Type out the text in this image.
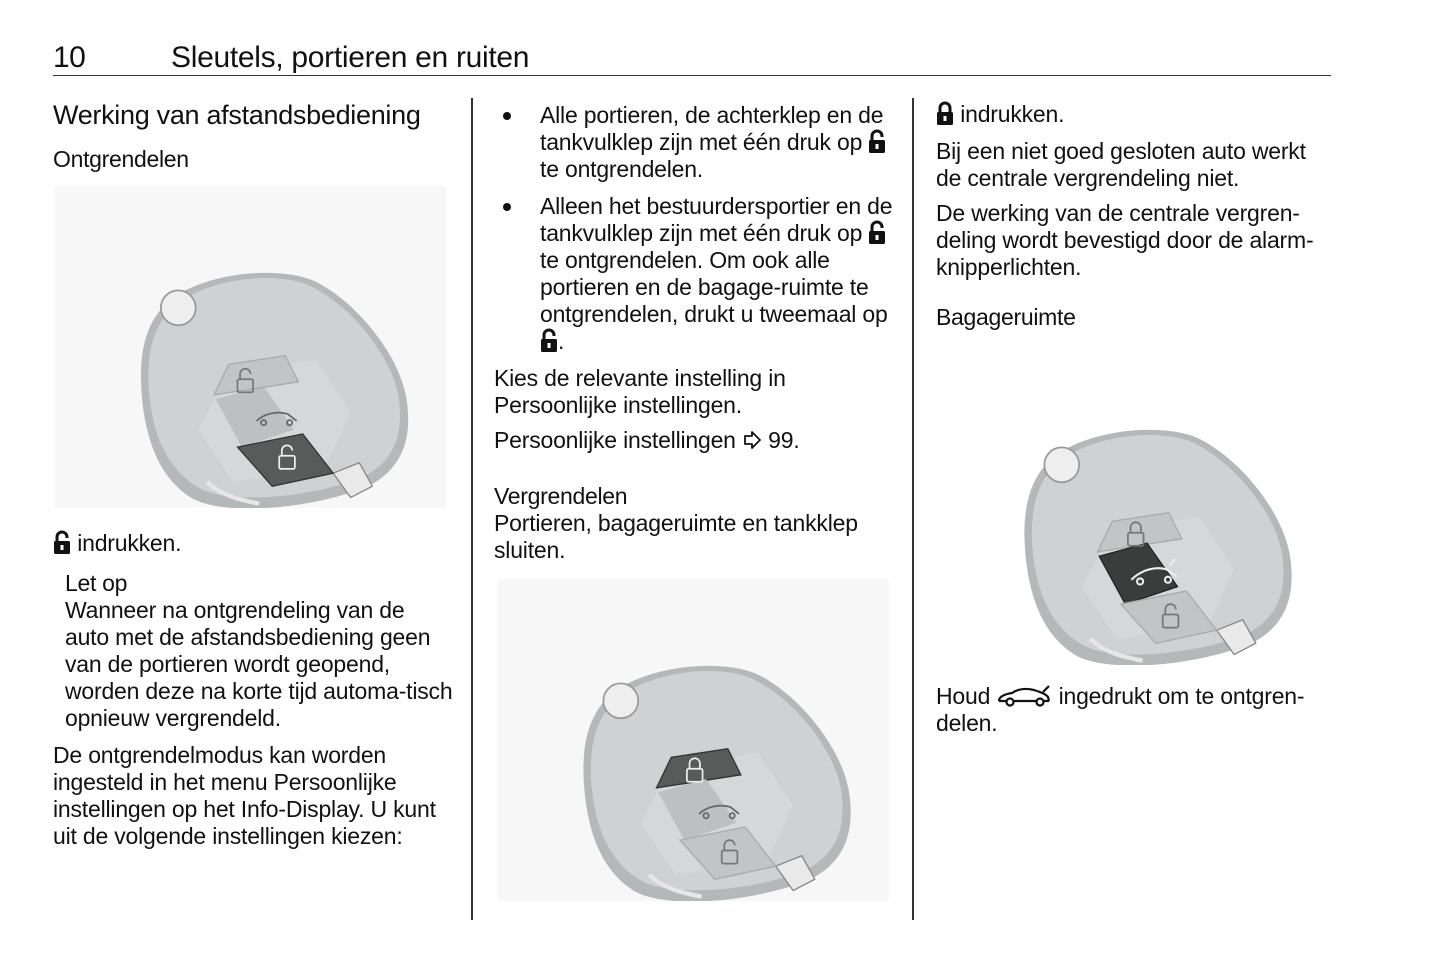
10	Sleutels, portieren en ruiten
Werking van afstandsbediening
Ontgrendelen
indrukken.
Let op
Wanneer na ontgrendeling van de auto met de afstandsbediening geen van de portieren wordt geopend, worden deze na korte tijd automa-tisch opnieuw vergrendeld.
De ontgrendelmodus kan worden ingesteld in het menu Persoonlijke instellingen op het Info-Display. U kunt uit de volgende instellingen kiezen:
Alle portieren, de achterklep en de tankvulklep zijn met één druk op  te ontgrendelen.
Alleen het bestuurdersportier en de tankvulklep zijn met één druk op  te ontgrendelen. Om ook alle portieren en de bagage-ruimte te ontgrendelen, drukt u tweemaal op .
Kies de relevante instelling in Persoonlijke instellingen.
Persoonlijke instellingen  99.
Vergrendelen
Portieren, bagageruimte en tankklep sluiten.
indrukken.
Bij een niet goed gesloten auto werkt de centrale vergrendeling niet.
De werking van de centrale vergren-deling wordt bevestigd door de alarm-knipperlichten.
Bagageruimte
Houd  ingedrukt om te ontgren-delen.
